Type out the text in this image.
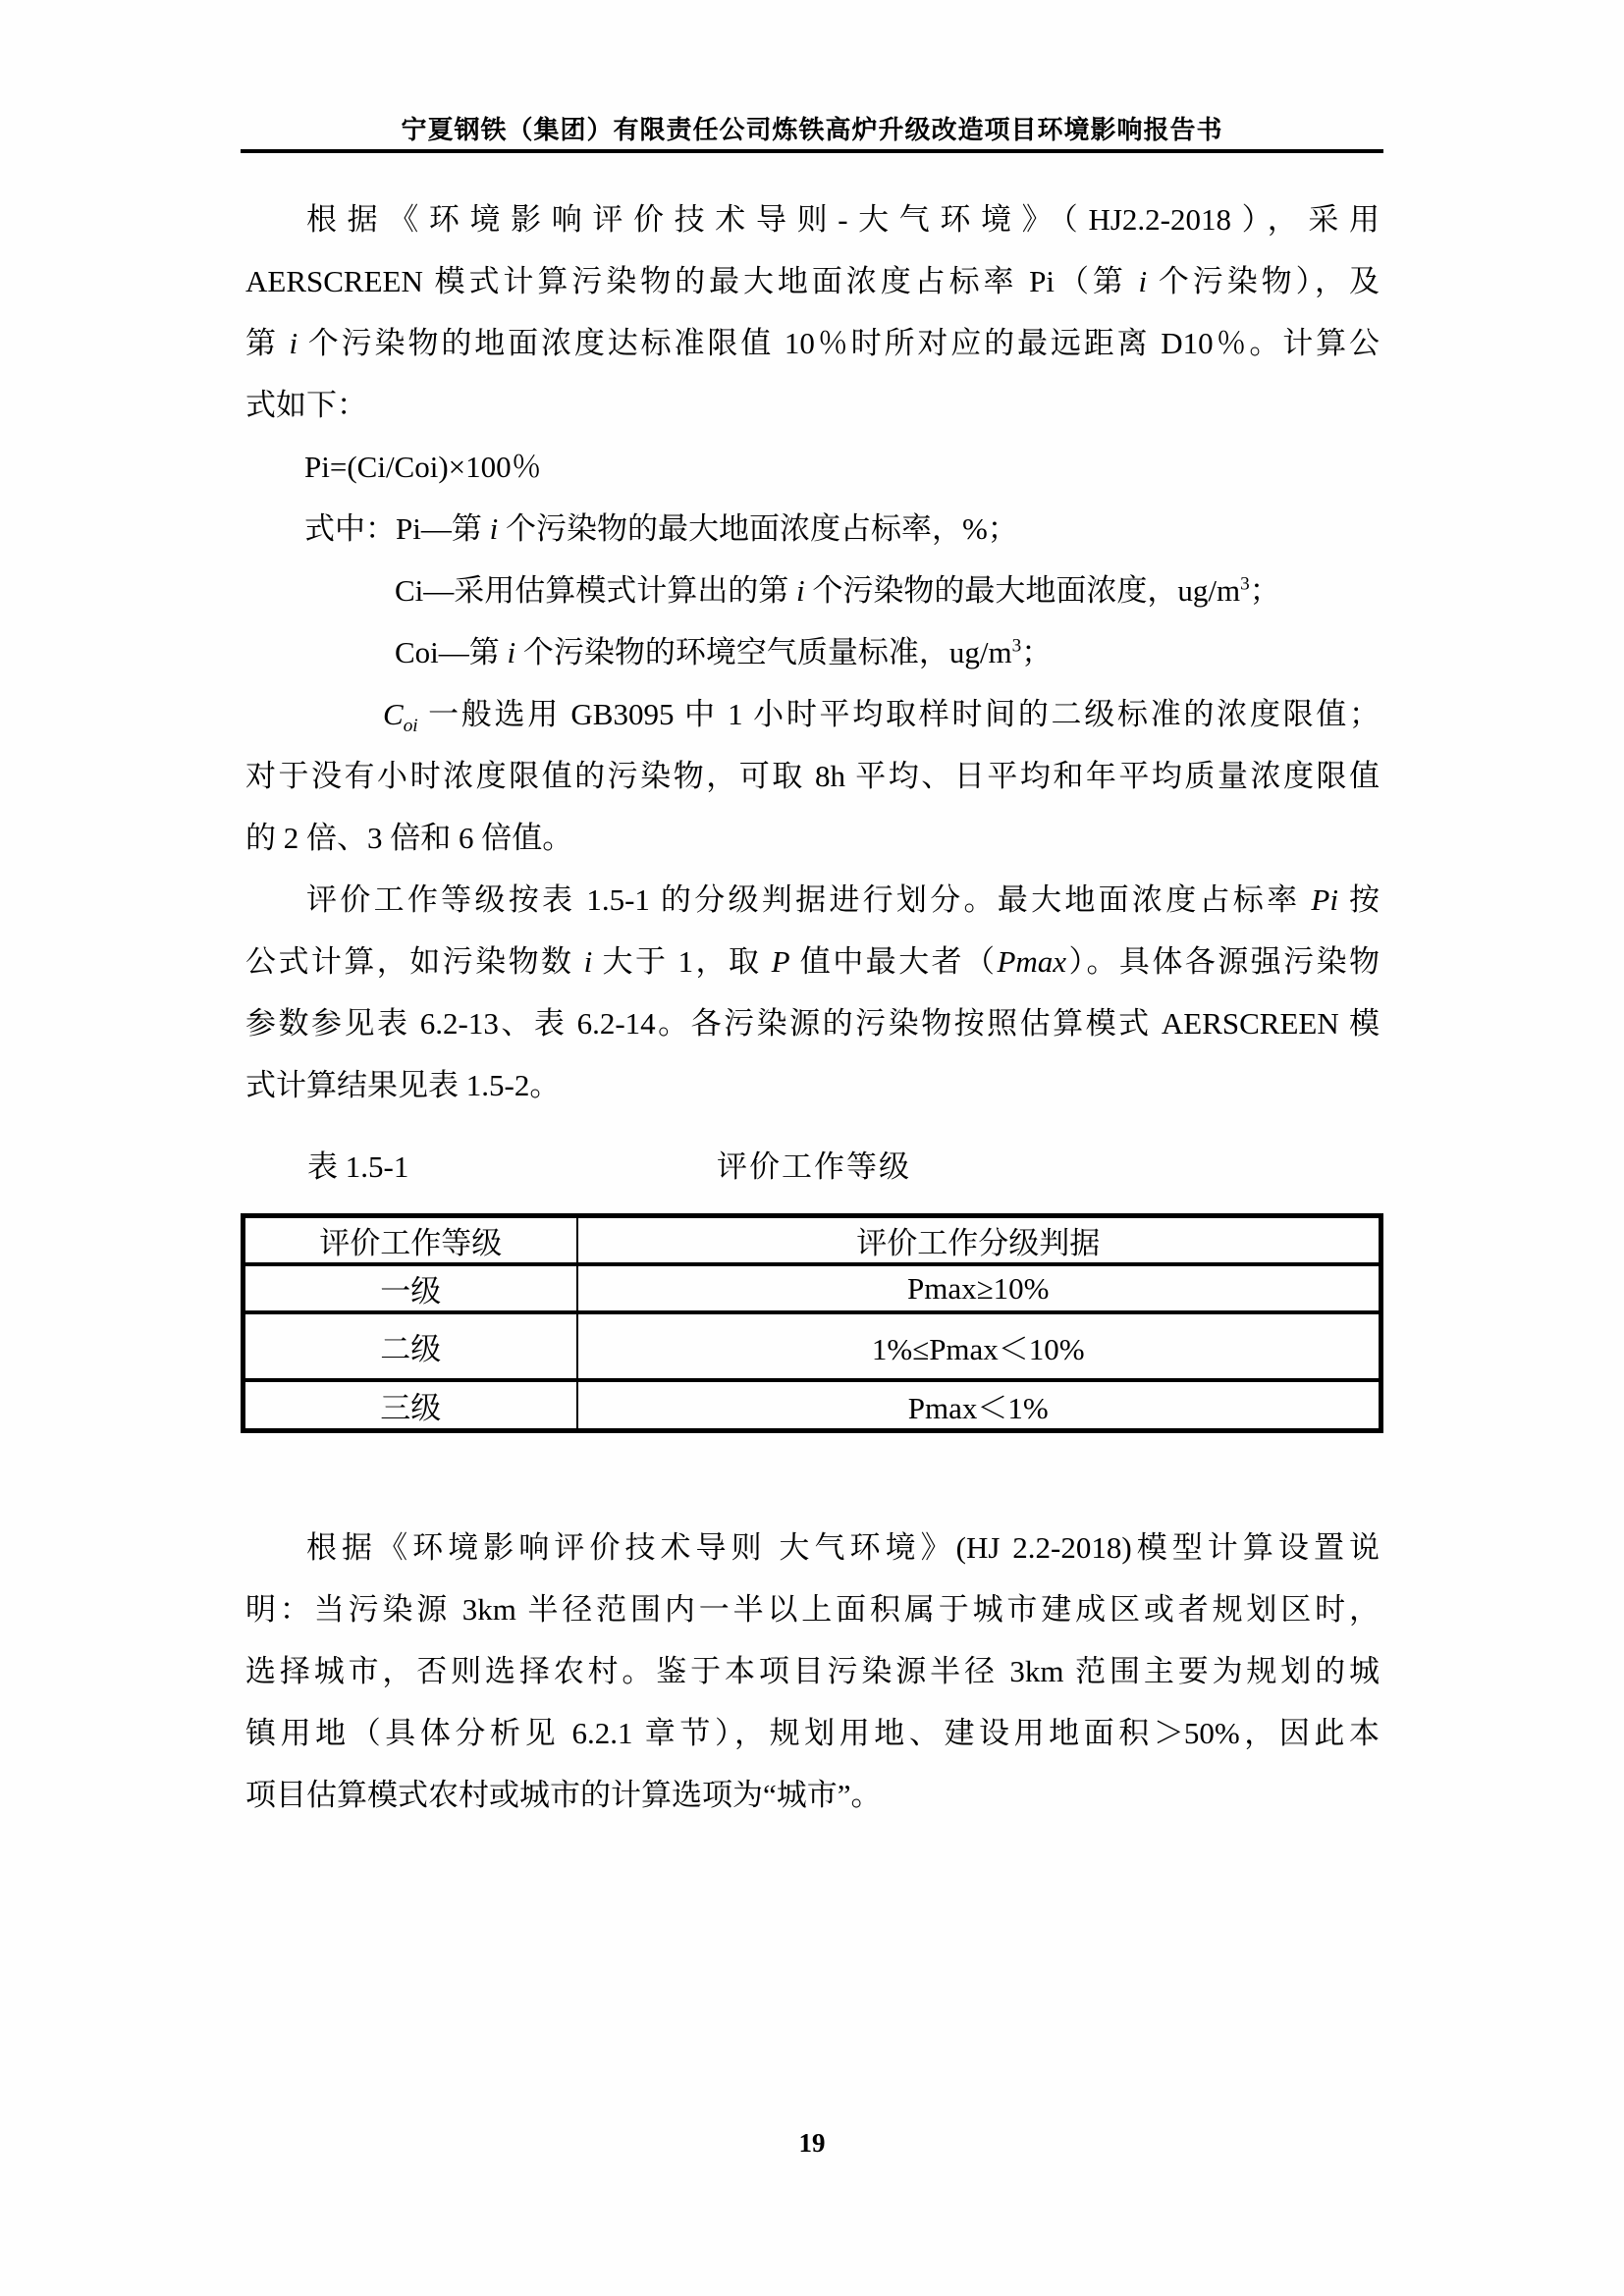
宁夏钢铁（集团）有限责任公司炼铁高炉升级改造项目环境影响报告书
根据《环境影响评价技术导则-大气环境》（HJ2.2-2018），采用
AERSCREEN 模式计算污染物的最大地面浓度占标率 Pi（第 i 个污染物），及
第 i 个污染物的地面浓度达标准限值 10％时所对应的最远距离 D10％。计算公
式如下：
Pi=(Ci/Coi)×100％
式中：Pi—第 i 个污染物的最大地面浓度占标率，%；
Ci—采用估算模式计算出的第 i 个污染物的最大地面浓度，$ug/m^3$；
Coi—第 i 个污染物的环境空气质量标准，$ug/m^3$；
$C_{oi}$ 一般选用 GB3095 中 1 小时平均取样时间的二级标准的浓度限值；
对于没有小时浓度限值的污染物，可取 8h 平均、日平均和年平均质量浓度限值
的 2 倍、3 倍和 6 倍值。
评价工作等级按表 1.5-1 的分级判据进行划分。最大地面浓度占标率 Pi 按
公式计算，如污染物数 i 大于 1，取 P 值中最大者（Pmax）。具体各源强污染物
参数参见表 6.2-13、表 6.2-14。各污染源的污染物按照估算模式 AERSCREEN 模
式计算结果见表 1.5-2。
表 1.5-1	评价工作等级
评价工作等级	评价工作分级判据
一级	Pmax≥10%
二级	1%≤Pmax＜10%
三级	Pmax＜1%
根据《环境影响评价技术导则 大气环境》(HJ 2.2-2018)模型计算设置说
明：当污染源 3km 半径范围内一半以上面积属于城市建成区或者规划区时，
选择城市，否则选择农村。鉴于本项目污染源半径 3km 范围主要为规划的城
镇用地（具体分析见 6.2.1 章节），规划用地、建设用地面积＞50%，因此本
项目估算模式农村或城市的计算选项为“城市”。
19
